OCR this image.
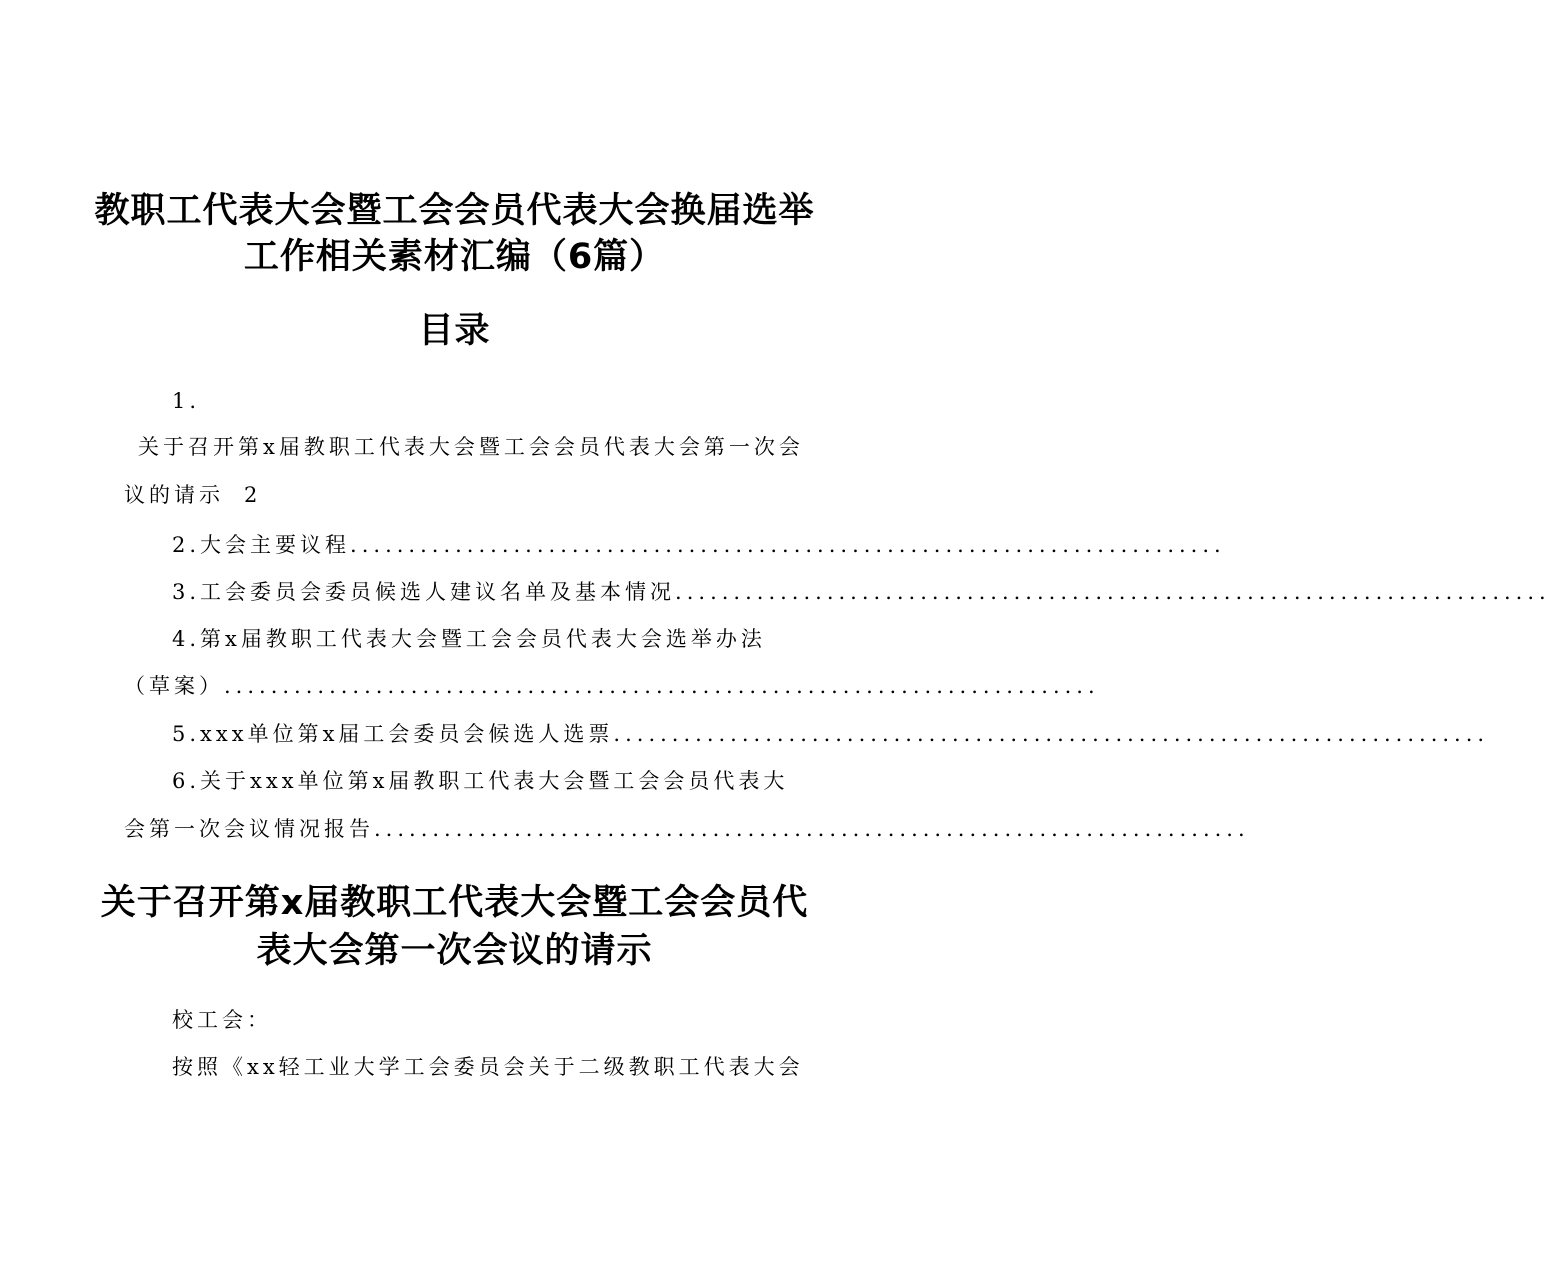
教职工代表大会暨工会会员代表大会换届选举
工作相关素材汇编（6篇）
目录
1.
关于召开第x届教职工代表大会暨工会会员代表大会第一次会
议的请示 2
2.大会主要议程...........................................................................
3.工会委员会委员候选人建议名单及基本情况...........................................................................
4.第x届教职工代表大会暨工会会员代表大会选举办法
（草案）...........................................................................
5.xxx单位第x届工会委员会候选人选票...........................................................................
6.关于xxx单位第x届教职工代表大会暨工会会员代表大
会第一次会议情况报告...........................................................................
关于召开第x届教职工代表大会暨工会会员代
表大会第一次会议的请示
校工会：
按照《xx轻工业大学工会委员会关于二级教职工代表大会
